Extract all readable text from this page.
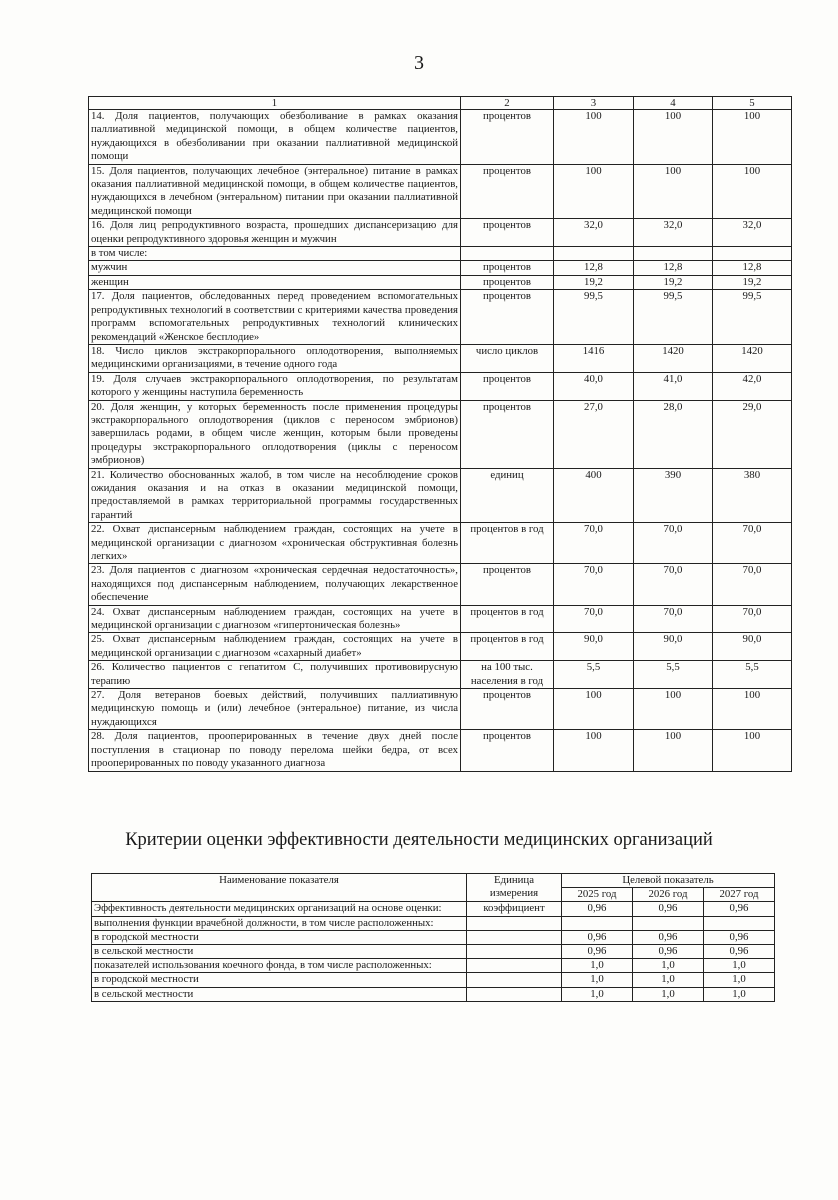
3
1	2	3	4	5
14. Доля пациентов, получающих обезболивание в рамках оказания паллиативной медицинской помощи, в общем количестве пациентов, нуждающихся в обезболивании при оказании паллиативной медицинской помощи	процентов	100	100	100
15. Доля пациентов, получающих лечебное (энтеральное) питание в рамках оказания паллиативной медицинской помощи, в общем количестве пациентов, нуждающихся в лечебном (энтеральном) питании при оказании паллиативной медицинской помощи	процентов	100	100	100
16. Доля лиц репродуктивного возраста, прошедших диспансеризацию для оценки репродуктивного здоровья женщин и мужчин	процентов	32,0	32,0	32,0
в том числе:				
мужчин	процентов	12,8	12,8	12,8
женщин	процентов	19,2	19,2	19,2
17. Доля пациентов, обследованных перед проведением вспомогательных репродуктивных технологий в соответствии с критериями качества проведения программ вспомогательных репродуктивных технологий клинических рекомендаций «Женское бесплодие»	процентов	99,5	99,5	99,5
18. Число циклов экстракорпорального оплодотворения, выполняемых медицинскими организациями, в течение одного года	число циклов	1416	1420	1420
19. Доля случаев экстракорпорального оплодотворения, по результатам которого у женщины наступила беременность	процентов	40,0	41,0	42,0
20. Доля женщин, у которых беременность после применения процедуры экстракорпорального оплодотворения (циклов с переносом эмбрионов) завершилась родами, в общем числе женщин, которым были проведены процедуры экстракорпорального оплодотворения (циклы с переносом эмбрионов)	процентов	27,0	28,0	29,0
21. Количество обоснованных жалоб, в том числе на несоблюдение сроков ожидания оказания и на отказ в оказании медицинской помощи, предоставляемой в рамках территориальной программы государственных гарантий	единиц	400	390	380
22. Охват диспансерным наблюдением граждан, состоящих на учете в медицинской организации с диагнозом «хроническая обструктивная болезнь легких»	процентов в год	70,0	70,0	70,0
23. Доля пациентов с диагнозом «хроническая сердечная недостаточность», находящихся под диспансерным наблюдением, получающих лекарственное обеспечение	процентов	70,0	70,0	70,0
24. Охват диспансерным наблюдением граждан, состоящих на учете в медицинской организации с диагнозом «гипертоническая болезнь»	процентов в год	70,0	70,0	70,0
25. Охват диспансерным наблюдением граждан, состоящих на учете в медицинской организации с диагнозом «сахарный диабет»	процентов в год	90,0	90,0	90,0
26. Количество пациентов с гепатитом С, получивших противовирусную терапию	на 100 тыс. населения в год	5,5	5,5	5,5
27. Доля ветеранов боевых действий, получивших паллиативную медицинскую помощь и (или) лечебное (энтеральное) питание, из числа нуждающихся	процентов	100	100	100
28. Доля пациентов, прооперированных в течение двух дней после поступления в стационар по поводу перелома шейки бедра, от всех прооперированных по поводу указанного диагноза	процентов	100	100	100
Критерии оценки эффективности деятельности медицинских организаций
Наименование показателя	Единица измерения	Целевой показатель		
		2025 год	2026 год	2027 год
Эффективность деятельности медицинских организаций на основе оценки:	коэффициент	0,96	0,96	0,96
выполнения функции врачебной должности, в том числе расположенных:				
в городской местности		0,96	0,96	0,96
в сельской местности		0,96	0,96	0,96
показателей использования коечного фонда, в том числе расположенных:		1,0	1,0	1,0
в городской местности		1,0	1,0	1,0
в сельской местности		1,0	1,0	1,0
